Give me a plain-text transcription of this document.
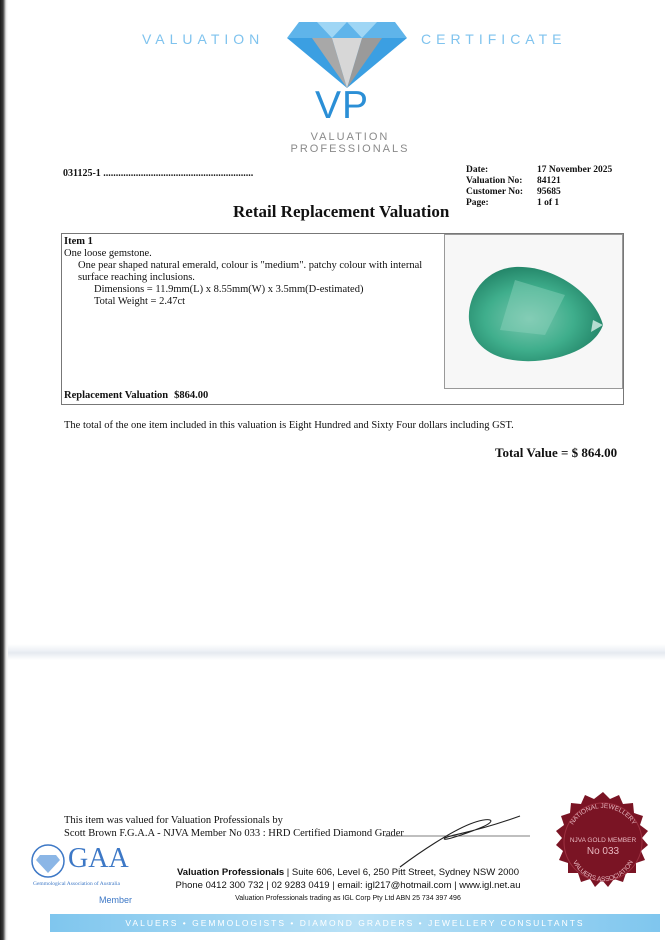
VALUATION	CERTIFICATE
VP
VALUATION
PROFESSIONALS
031125-1 ............................................................	Date:	17 November 2025
Valuation No:	84121
Customer No:	95685
Page:	1 of 1
Retail Replacement Valuation
Item 1
One loose gemstone.
One pear shaped natural emerald, colour is "medium". patchy colour with internal surface reaching inclusions.
Dimensions = 11.9mm(L) x 8.55mm(W) x 3.5mm(D-estimated)
Total Weight = 2.47ct
Replacement Valuation $864.00
The total of the one item included in this valuation is Eight Hundred and Sixty Four dollars including GST.
Total Value = $ 864.00
This item was valued for Valuation Professionals by
Scott Brown F.G.A.A - NJVA Member No 033 : HRD Certified Diamond Grader
GAA
Gemmological Association of Australia
Member
Valuation Professionals | Suite 606, Level 6, 250 Pitt Street, Sydney NSW 2000
Phone 0412 300 732 | 02 9283 0419 | email: igl217@hotmail.com | www.igl.net.au
Valuation Professionals trading as IGL Corp Pty Ltd ABN 25 734 397 496
NATIONAL JEWELLERY
VALUERS ASSOCIATION
NJVA GOLD MEMBER
No 033
VALUERS • GEMMOLOGISTS • DIAMOND GRADERS • JEWELLERY CONSULTANTS
